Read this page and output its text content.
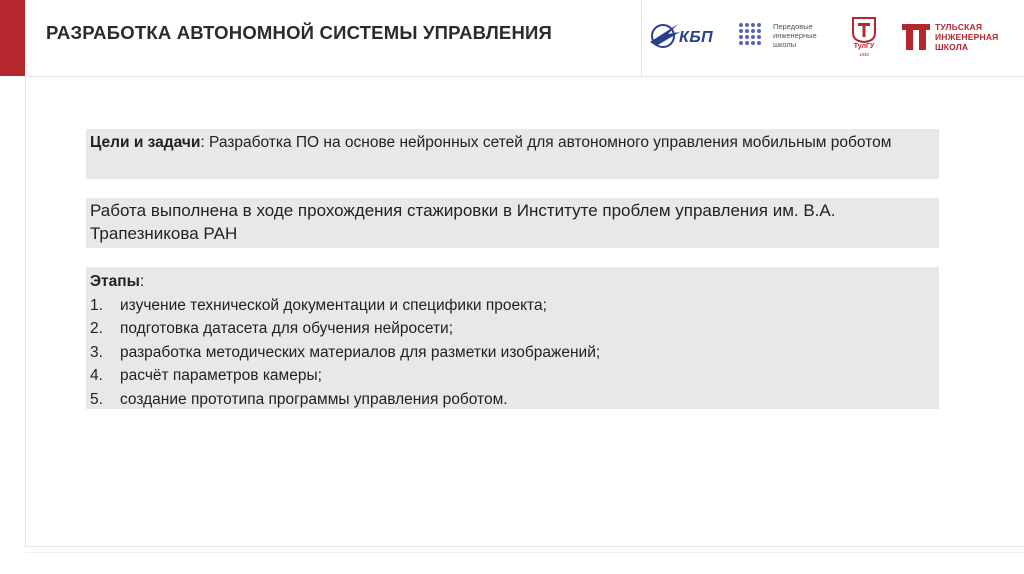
РАЗРАБОТКА АВТОНОМНОЙ СИСТЕМЫ УПРАВЛЕНИЯ	КБП
Передовые
инженерные
школы	ТулГУ
1930
ТУЛЬСКАЯ
ИНЖЕНЕРНАЯ
ШКОЛА
Цели и задачи: Разработка ПО на основе нейронных сетей для автономного управления мобильным роботом
Работа выполнена в ходе прохождения стажировки в Институте проблем управления им. В.А. Трапезникова РАН
Этапы:
1.	изучение технической документации и специфики проекта;
2.	подготовка датасета для обучения нейросети;
3.	разработка методических материалов для разметки изображений;
4.	расчёт параметров камеры;
5.	создание прототипа программы управления роботом.
